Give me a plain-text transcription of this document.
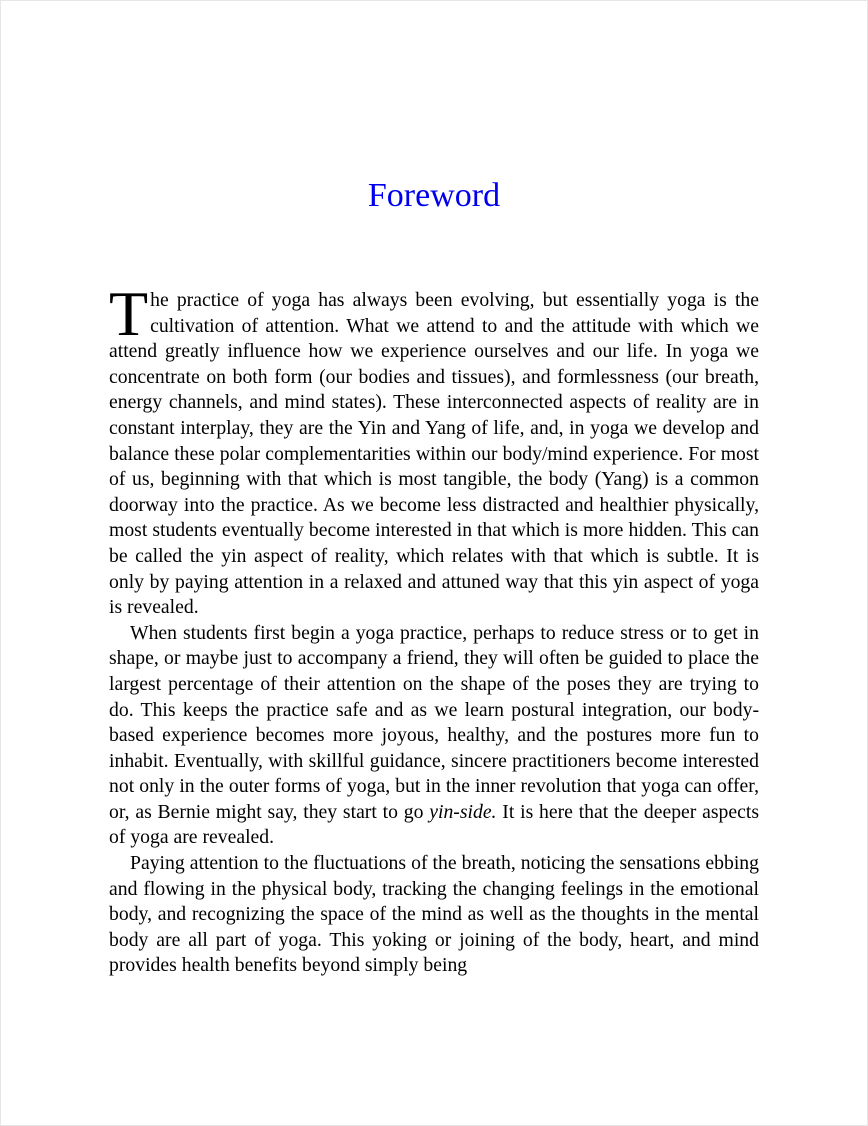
Foreword

The practice of yoga has always been evolving, but essentially yoga is the cultivation of attention. What we attend to and the attitude with which we attend greatly influence how we experience ourselves and our life. In yoga we concentrate on both form (our bodies and tissues), and formlessness (our breath, energy channels, and mind states). These interconnected aspects of reality are in constant interplay, they are the Yin and Yang of life, and, in yoga we develop and balance these polar complementarities within our body/mind experience. For most of us, beginning with that which is most tangible, the body (Yang) is a common doorway into the practice. As we become less distracted and healthier physically, most students eventually become interested in that which is more hidden. This can be called the yin aspect of reality, which relates with that which is subtle. It is only by paying attention in a relaxed and attuned way that this yin aspect of yoga is revealed.

When students first begin a yoga practice, perhaps to reduce stress or to get in shape, or maybe just to accompany a friend, they will often be guided to place the largest percentage of their attention on the shape of the poses they are trying to do. This keeps the practice safe and as we learn postural integration, our body-based experience becomes more joyous, healthy, and the postures more fun to inhabit. Eventually, with skillful guidance, sincere practitioners become interested not only in the outer forms of yoga, but in the inner revolution that yoga can offer, or, as Bernie might say, they start to go yin-side. It is here that the deeper aspects of yoga are revealed.

Paying attention to the fluctuations of the breath, noticing the sensations ebbing and flowing in the physical body, tracking the changing feelings in the emotional body, and recognizing the space of the mind as well as the thoughts in the mental body are all part of yoga. This yoking or joining of the body, heart, and mind provides health benefits beyond simply being
